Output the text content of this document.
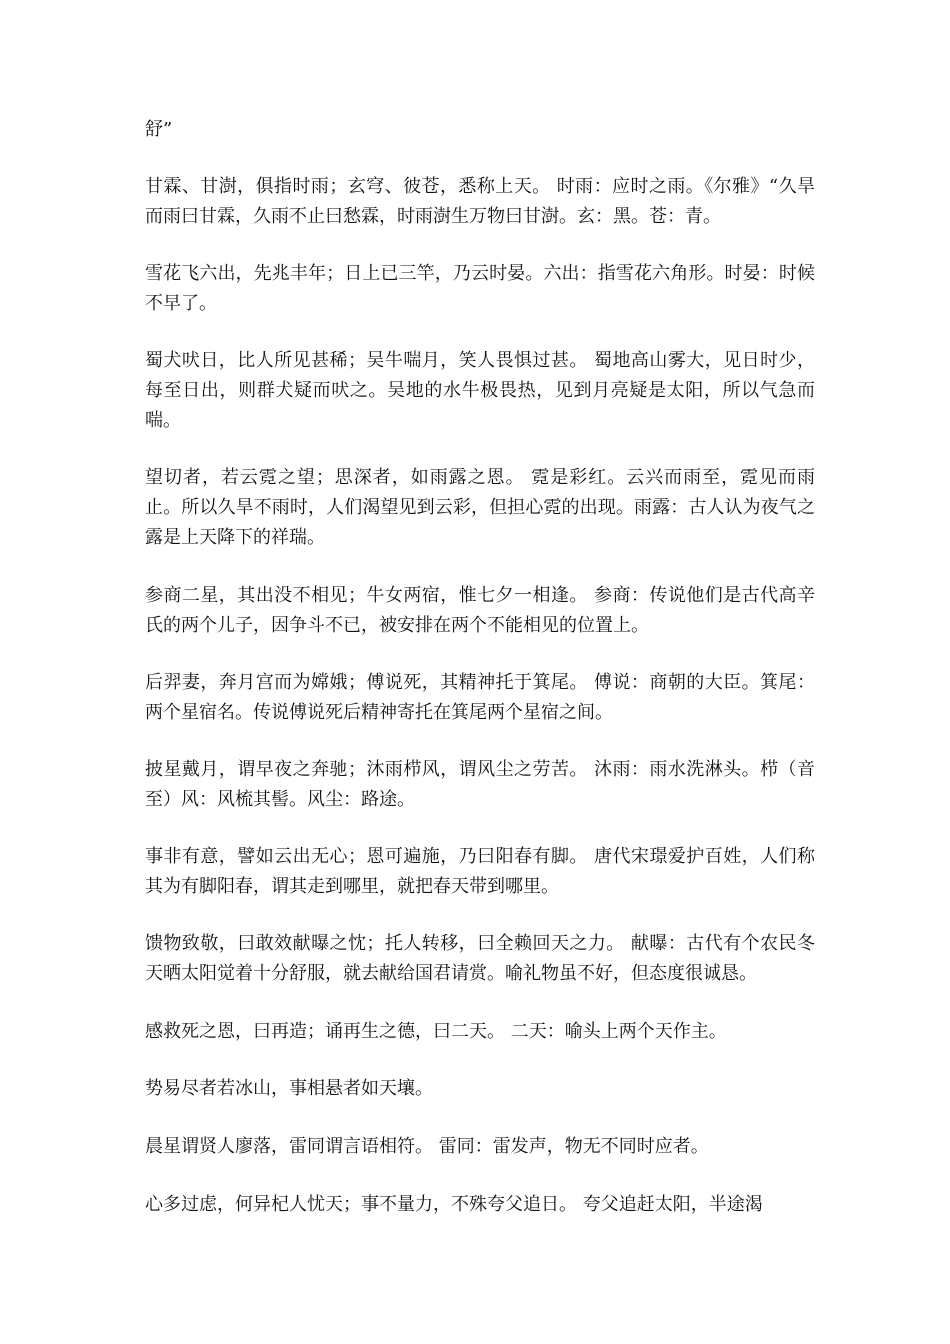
舒”

甘霖、甘澍，俱指时雨；玄穹、彼苍，悉称上天。 时雨：应时之雨。《尔雅》“久旱而雨曰甘霖，久雨不止曰愁霖，时雨澍生万物曰甘澍。玄：黑。苍：青。

雪花飞六出，先兆丰年；日上已三竿，乃云时晏。六出：指雪花六角形。时晏：时候不早了。

蜀犬吠日，比人所见甚稀；吴牛喘月，笑人畏惧过甚。 蜀地高山雾大，见日时少，每至日出，则群犬疑而吠之。吴地的水牛极畏热，见到月亮疑是太阳，所以气急而喘。

望切者，若云霓之望；思深者，如雨露之恩。 霓是彩红。云兴而雨至，霓见而雨止。所以久旱不雨时，人们渴望见到云彩，但担心霓的出现。雨露：古人认为夜气之露是上天降下的祥瑞。

参商二星，其出没不相见；牛女两宿，惟七夕一相逢。 参商：传说他们是古代高辛氏的两个儿子，因争斗不已，被安排在两个不能相见的位置上。

后羿妻，奔月宫而为嫦娥；傅说死，其精神托于箕尾。 傅说：商朝的大臣。箕尾：两个星宿名。传说傅说死后精神寄托在箕尾两个星宿之间。

披星戴月，谓早夜之奔驰；沐雨栉风，谓风尘之劳苦。 沐雨：雨水洗淋头。栉（音至）风：风梳其髻。风尘：路途。

事非有意，譬如云出无心；恩可遍施，乃曰阳春有脚。 唐代宋璟爱护百姓，人们称其为有脚阳春，谓其走到哪里，就把春天带到哪里。

馈物致敬，曰敢效献曝之忱；托人转移，曰全赖回天之力。 献曝：古代有个农民冬天晒太阳觉着十分舒服，就去献给国君请赏。喻礼物虽不好，但态度很诚恳。

感救死之恩，曰再造；诵再生之德，曰二天。 二天：喻头上两个天作主。

势易尽者若冰山，事相悬者如天壤。

晨星谓贤人廖落，雷同谓言语相符。 雷同：雷发声，物无不同时应者。

心多过虑，何异杞人忧天；事不量力，不殊夸父追日。 夸父追赶太阳，半途渴
